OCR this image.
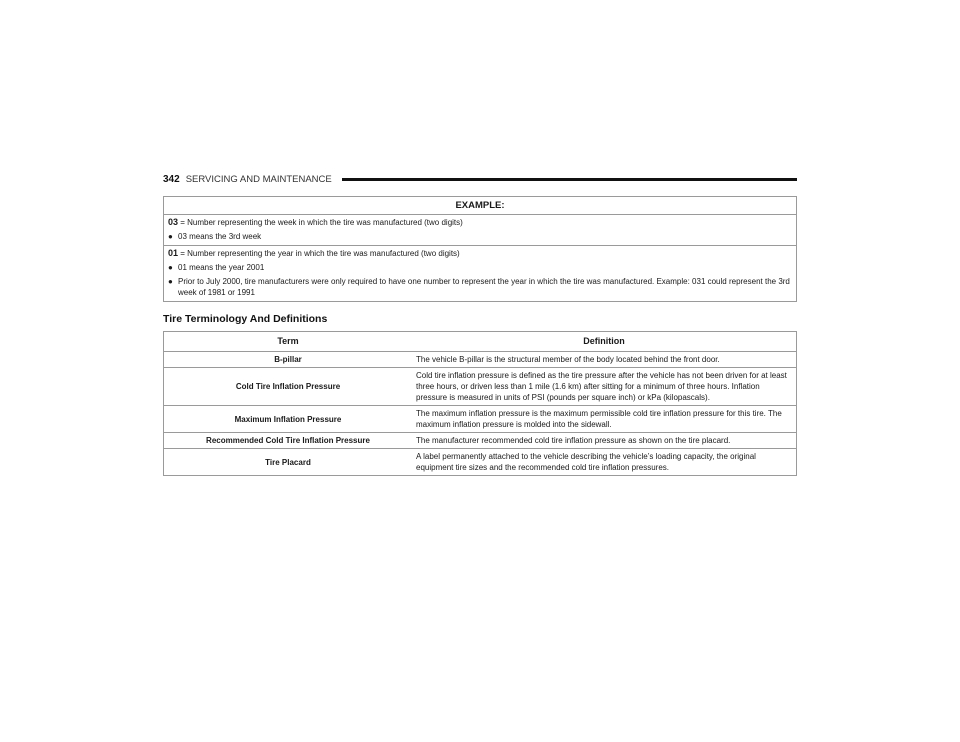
342 SERVICING AND MAINTENANCE
EXAMPLE:
03 = Number representing the week in which the tire was manufactured (two digits)
● 03 means the 3rd week
01 = Number representing the year in which the tire was manufactured (two digits)
● 01 means the year 2001
● Prior to July 2000, tire manufacturers were only required to have one number to represent the year in which the tire was manufactured. Example: 031 could represent the 3rd week of 1981 or 1991
Tire Terminology And Definitions
Term	Definition
B-pillar	The vehicle B-pillar is the structural member of the body located behind the front door.
Cold Tire Inflation Pressure	Cold tire inflation pressure is defined as the tire pressure after the vehicle has not been driven for at least three hours, or driven less than 1 mile (1.6 km) after sitting for a minimum of three hours. Inflation pressure is measured in units of PSI (pounds per square inch) or kPa (kilopascals).
Maximum Inflation Pressure	The maximum inflation pressure is the maximum permissible cold tire inflation pressure for this tire. The maximum inflation pressure is molded into the sidewall.
Recommended Cold Tire Inflation Pressure	The manufacturer recommended cold tire inflation pressure as shown on the tire placard.
Tire Placard	A label permanently attached to the vehicle describing the vehicle’s loading capacity, the original equipment tire sizes and the recommended cold tire inflation pressures.
